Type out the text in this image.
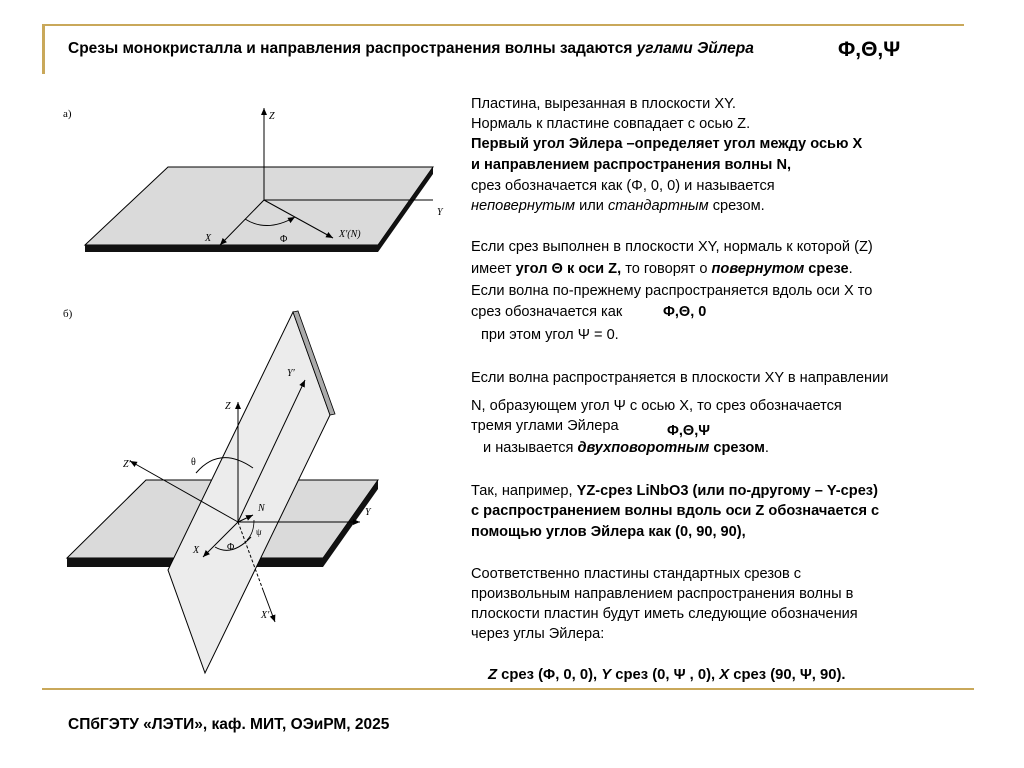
Срезы монокристалла и направления распространения волны задаются углами Эйлера	Φ,Θ,Ψ
а)	Z
Y
X	X′(N)
Φ
б)
Z
Z′
Y′
Y
X
X′
N
θ
Φ
ψ
Пластина, вырезанная в плоскости XY.
Нормаль к пластине совпадает с осью Z.
Первый угол Эйлера –определяет угол между осью X
и направлением распространения волны N,
срез обозначается как (Φ, 0, 0) и называется
неповернутым или стандартным срезом.
Если срез выполнен в плоскости XY, нормаль к которой (Z)
имеет угол Θ к оси Z, то говорят о повернутом срезе.
Если волна по-прежнему распространяется вдоль оси X то
срез обозначается как	Φ,Θ, 0
при этом угол Ψ = 0.
Если волна распространяется в плоскости XY в направлении
N, образующем угол Ψ с осью X, то срез обозначается
тремя углами Эйлера	Φ,Θ,Ψ
и называется двухповоротным срезом.
Так, например, YZ-срез LiNbO3 (или по-другому – Y-срез)
с распространением волны вдоль оси Z обозначается с
помощью углов Эйлера как (0, 90, 90),
Соответственно пластины стандартных срезов с
произвольным направлением распространения волны в
плоскости пластин будут иметь следующие обозначения
через углы Эйлера:
Z срез (Φ, 0, 0), Y срез (0, Ψ , 0), X срез (90, Ψ, 90).
СПбГЭТУ «ЛЭТИ», каф. МИТ, ОЭиРМ, 2025
